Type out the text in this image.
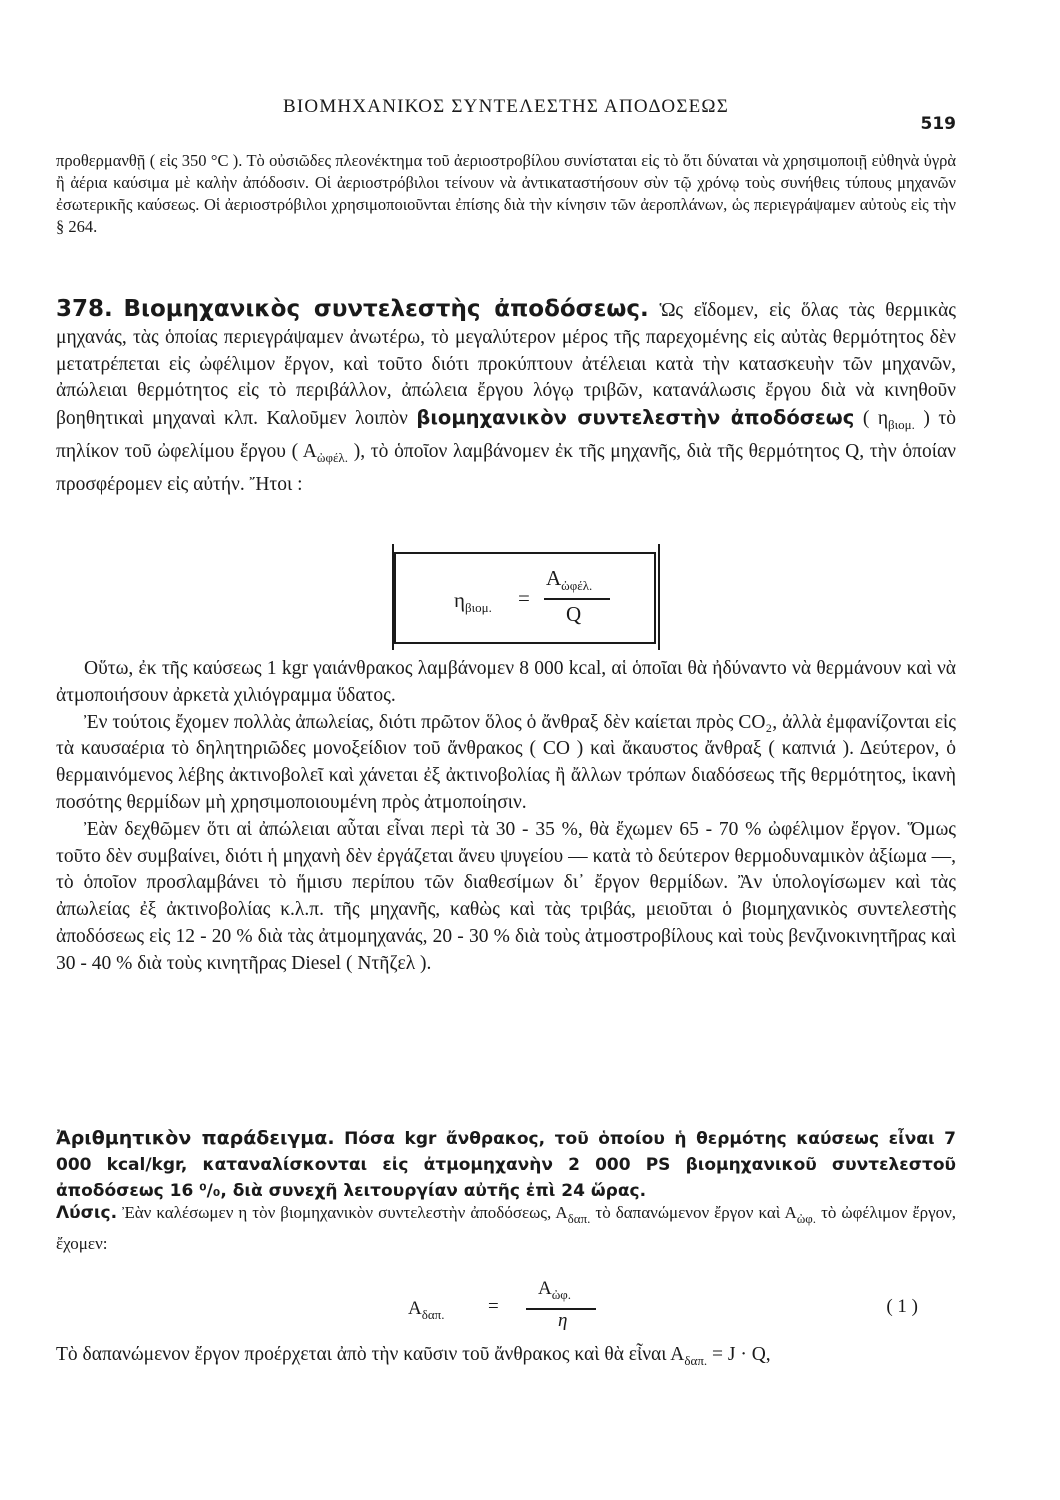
ΒΙΟΜΗΧΑΝΙΚΟΣ ΣΥΝΤΕΛΕΣΤΗΣ ΑΠΟΔΟΣΕΩΣ
519

προθερμανθῇ ( εἰς 350 °C ). Τὸ οὐσιῶδες πλεονέκτημα τοῦ ἀεριοστροβίλου συνίσταται εἰς τὸ ὅτι δύναται νὰ χρησιμοποιῇ εὐθηνὰ ὑγρὰ ἢ ἀέρια καύσιμα μὲ καλὴν ἀπόδοσιν. Οἱ ἀεριοστρόβιλοι τείνουν νὰ ἀντικαταστήσουν σὺν τῷ χρόνῳ τοὺς συνήθεις τύπους μηχανῶν ἐσωτερικῆς καύσεως. Οἱ ἀεριοστρόβιλοι χρησιμοποιοῦνται ἐπίσης διὰ τὴν κίνησιν τῶν ἀεροπλάνων, ὡς περιεγράψαμεν αὐτοὺς εἰς τὴν § 264.

378. Βιομηχανικὸς συντελεστὴς ἀποδόσεως. Ὡς εἴδομεν, εἰς ὅλας τὰς θερμικὰς μηχανάς, τὰς ὁποίας περιεγράψαμεν ἀνωτέρω, τὸ μεγαλύτερον μέρος τῆς παρεχομένης εἰς αὐτὰς θερμότητος δὲν μετατρέπεται εἰς ὠφέλιμον ἔργον, καὶ τοῦτο διότι προκύπτουν ἀτέλειαι κατὰ τὴν κατασκευὴν τῶν μηχανῶν, ἀπώλειαι θερμότητος εἰς τὸ περιβάλλον, ἀπώλεια ἔργου λόγῳ τριβῶν, κατανάλωσις ἔργου διὰ νὰ κινηθοῦν βοηθητικαὶ μηχαναὶ κλπ. Καλοῦμεν λοιπὸν βιομηχανικὸν συντελεστὴν ἀποδόσεως ( $\eta_{\beta\iota o\mu.}$ ) τὸ πηλίκον τοῦ ὠφελίμου ἔργου ( $A_{ὠ\varphi έ\lambda.}$ ), τὸ ὁποῖον λαμβάνομεν ἐκ τῆς μηχανῆς, διὰ τῆς θερμότητος Q, τὴν ὁποίαν προσφέρομεν εἰς αὐτήν. Ἤτοι :

$\eta_{\beta\iota o\mu.}$ =
$A_{ὠ\varphi έ\lambda.}$
Q

Οὕτω, ἐκ τῆς καύσεως 1 kgr γαιάνθρακος λαμβάνομεν 8 000 kcal, αἱ ὁποῖαι θὰ ἠδύναντο νὰ θερμάνουν καὶ νὰ ἀτμοποιήσουν ἀρκετὰ χιλιόγραμμα ὕδατος.

Ἐν τούτοις ἔχομεν πολλὰς ἀπωλείας, διότι πρῶτον ὅλος ὁ ἄνθραξ δὲν καίεται πρὸς CO₂, ἀλλὰ ἐμφανίζονται εἰς τὰ καυσαέρια τὸ δηλητηριῶδες μονοξείδιον τοῦ ἄνθρακος ( CO ) καὶ ἄκαυστος ἄνθραξ ( καπνιά ). Δεύτερον, ὁ θερμαινόμενος λέβης ἀκτινοβολεῖ καὶ χάνεται ἐξ ἀκτινοβολίας ἢ ἄλλων τρόπων διαδόσεως τῆς θερμότητος, ἱκανὴ ποσότης θερμίδων μὴ χρησιμοποιουμένη πρὸς ἀτμοποίησιν.

Ἐὰν δεχθῶμεν ὅτι αἱ ἀπώλειαι αὗται εἶναι περὶ τὰ 30 - 35 %, θὰ ἔχωμεν 65 - 70 % ὠφέλιμον ἔργον. Ὅμως τοῦτο δὲν συμβαίνει, διότι ἡ μηχανὴ δὲν ἐργάζεται ἄνευ ψυγείου — κατὰ τὸ δεύτερον θερμοδυναμικὸν ἀξίωμα —, τὸ ὁποῖον προσλαμβάνει τὸ ἥμισυ περίπου τῶν διαθεσίμων δι᾽ ἔργον θερμίδων. Ἂν ὑπολογίσωμεν καὶ τὰς ἀπωλείας ἐξ ἀκτινοβολίας κ.λ.π. τῆς μηχανῆς, καθὼς καὶ τὰς τριβάς, μειοῦται ὁ βιομηχανικὸς συντελεστὴς ἀποδόσεως εἰς 12 - 20 % διὰ τὰς ἀτμομηχανάς, 20 - 30 % διὰ τοὺς ἀτμοστροβίλους καὶ τοὺς βενζινοκινητῆρας καὶ 30 - 40 % διὰ τοὺς κινητῆρας Diesel ( Ντῆζελ ).

Ἀριθμητικὸν παράδειγμα. Πόσα kgr ἄνθρακος, τοῦ ὁποίου ἡ θερμότης καύσεως εἶναι 7 000 kcal/kgr, καταναλίσκονται εἰς ἀτμομηχανὴν 2 000 PS βιομηχανικοῦ συντελεστοῦ ἀποδόσεως 16 ⁰/₀, διὰ συνεχῆ λειτουργίαν αὐτῆς ἐπὶ 24 ὥρας.

Λύσις. Ἐὰν καλέσωμεν η τὸν βιομηχανικὸν συντελεστὴν ἀποδόσεως, $A_{\delta\alpha\pi.}$ τὸ δαπανώμενον ἔργον καὶ $A_{ὠ\varphi.}$ τὸ ὠφέλιμον ἔργον, ἔχομεν:

$A_{\delta\alpha\pi.}$ =
$A_{ὠ\varphi.}$
η
( 1 )

Τὸ δαπανώμενον ἔργον προέρχεται ἀπὸ τὴν καῦσιν τοῦ ἄνθρακος καὶ θὰ εἶναι $A_{\delta\alpha\pi.} = J \cdot Q$,
